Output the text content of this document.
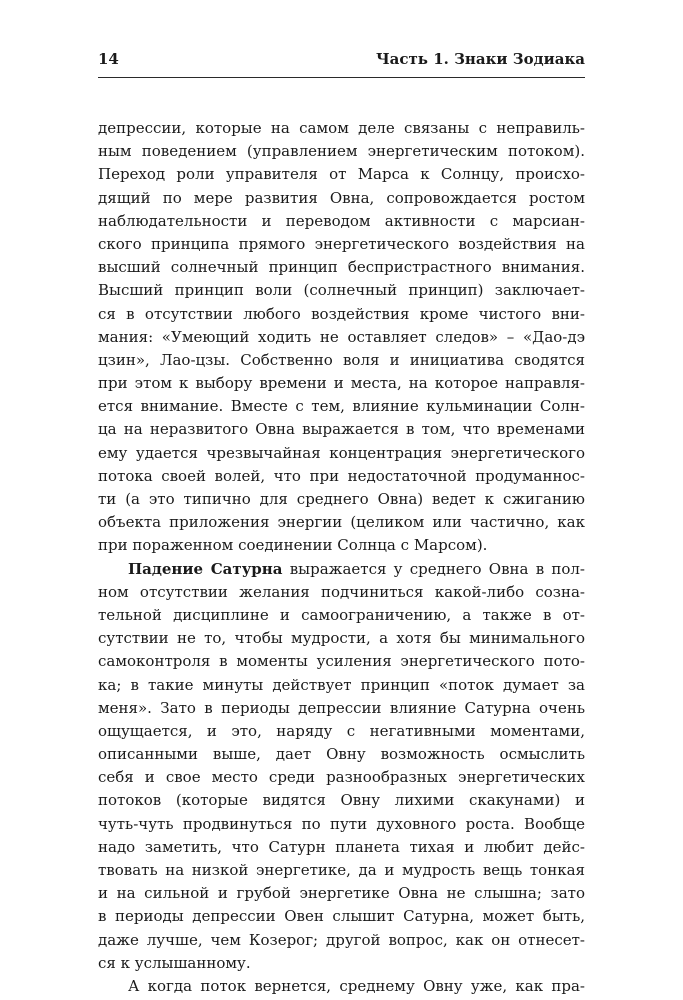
14	Часть 1. Знаки Зодиака
депрессии, которые на самом деле связаны с неправиль-
ным поведением (управлением энергетическим потоком).
Переход роли управителя от Марса к Солнцу, происхо-
дящий по мере развития Овна, сопровождается ростом
наблюдательности и переводом активности с марсиан-
ского принципа прямого энергетического воздействия на
высший солнечный принцип беспристрастного внимания.
Высший принцип воли (солнечный принцип) заключает-
ся в отсутствии любого воздействия кроме чистого вни-
мания: «Умеющий ходить не оставляет следов» – «Дао-дэ
цзин», Лао-цзы. Собственно воля и инициатива сводятся
при этом к выбору времени и места, на которое направля-
ется внимание. Вместе с тем, влияние кульминации Солн-
ца на неразвитого Овна выражается в том, что временами
ему удается чрезвычайная концентрация энергетического
потока своей волей, что при недостаточной продуманнос-
ти (а это типично для среднего Овна) ведет к сжиганию
объекта приложения энергии (целиком или частично, как
при пораженном соединении Солнца с Марсом).
Падение Сатурна выражается у среднего Овна в пол-
ном отсутствии желания подчиниться какой-либо созна-
тельной дисциплине и самоограничению, а также в от-
сутствии не то, чтобы мудрости, а хотя бы минимального
самоконтроля в моменты усиления энергетического пото-
ка; в такие минуты действует принцип «поток думает за
меня». Зато в периоды депрессии влияние Сатурна очень
ощущается, и это, наряду с негативными моментами,
описанными выше, дает Овну возможность осмыслить
себя и свое место среди разнообразных энергетических
потоков (которые видятся Овну лихими скакунами) и
чуть-чуть продвинуться по пути духовного роста. Вообще
надо заметить, что Сатурн планета тихая и любит дейс-
твовать на низкой энергетике, да и мудрость вещь тонкая
и на сильной и грубой энергетике Овна не слышна; зато
в периоды депрессии Овен слышит Сатурна, может быть,
даже лучше, чем Козерог; другой вопрос, как он отнесет-
ся к услышанному.
А когда поток вернется, среднему Овну уже, как пра-
